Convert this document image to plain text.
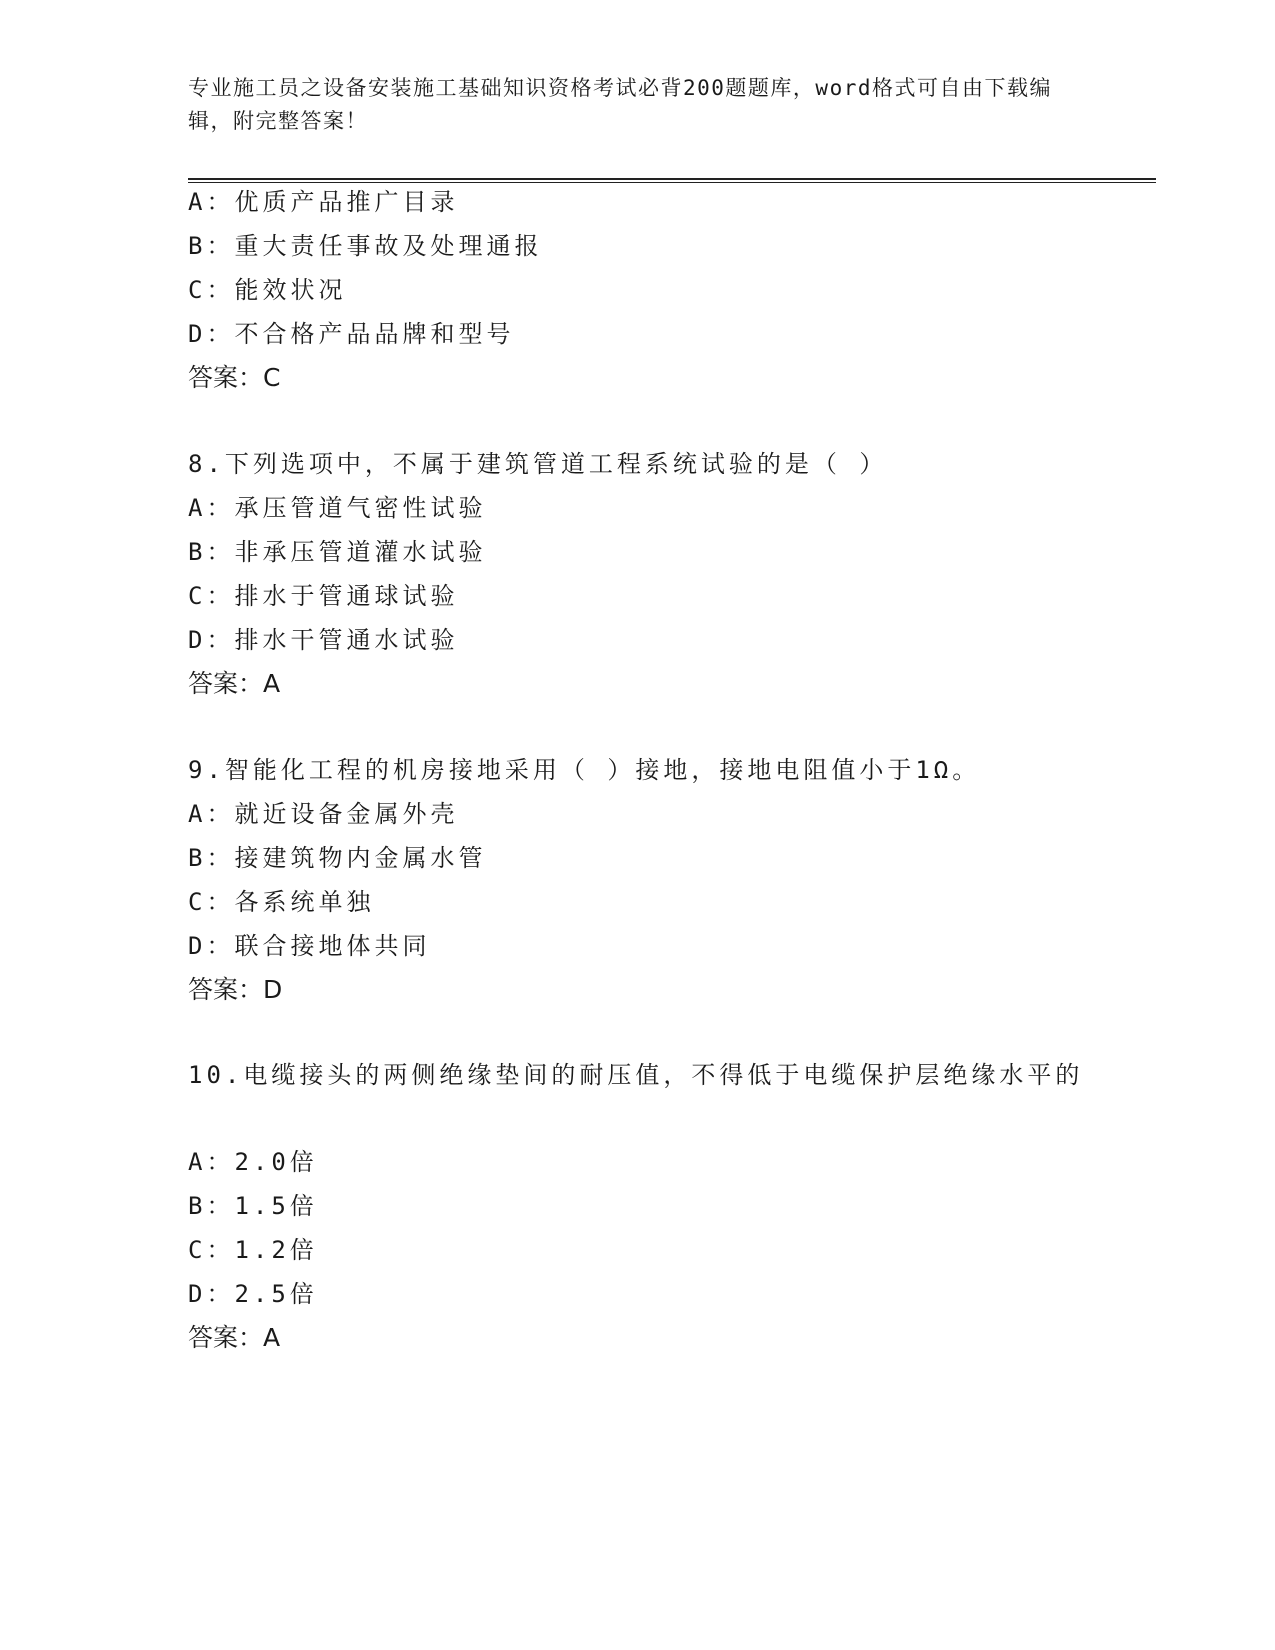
专业施工员之设备安装施工基础知识资格考试必背200题题库，word格式可自由下载编辑，附完整答案！
A：优质产品推广目录
B：重大责任事故及处理通报
C：能效状况
D：不合格产品品牌和型号
答案：C
8.下列选项中，不属于建筑管道工程系统试验的是（ ）
A：承压管道气密性试验
B：非承压管道灌水试验
C：排水于管通球试验
D：排水干管通水试验
答案：A
9.智能化工程的机房接地采用（ ）接地，接地电阻值小于1Ω。
A：就近设备金属外壳
B：接建筑物内金属水管
C：各系统单独
D：联合接地体共同
答案：D
10.电缆接头的两侧绝缘垫间的耐压值，不得低于电缆保护层绝缘水平的
A：2.0倍
B：1.5倍
C：1.2倍
D：2.5倍
答案：A
